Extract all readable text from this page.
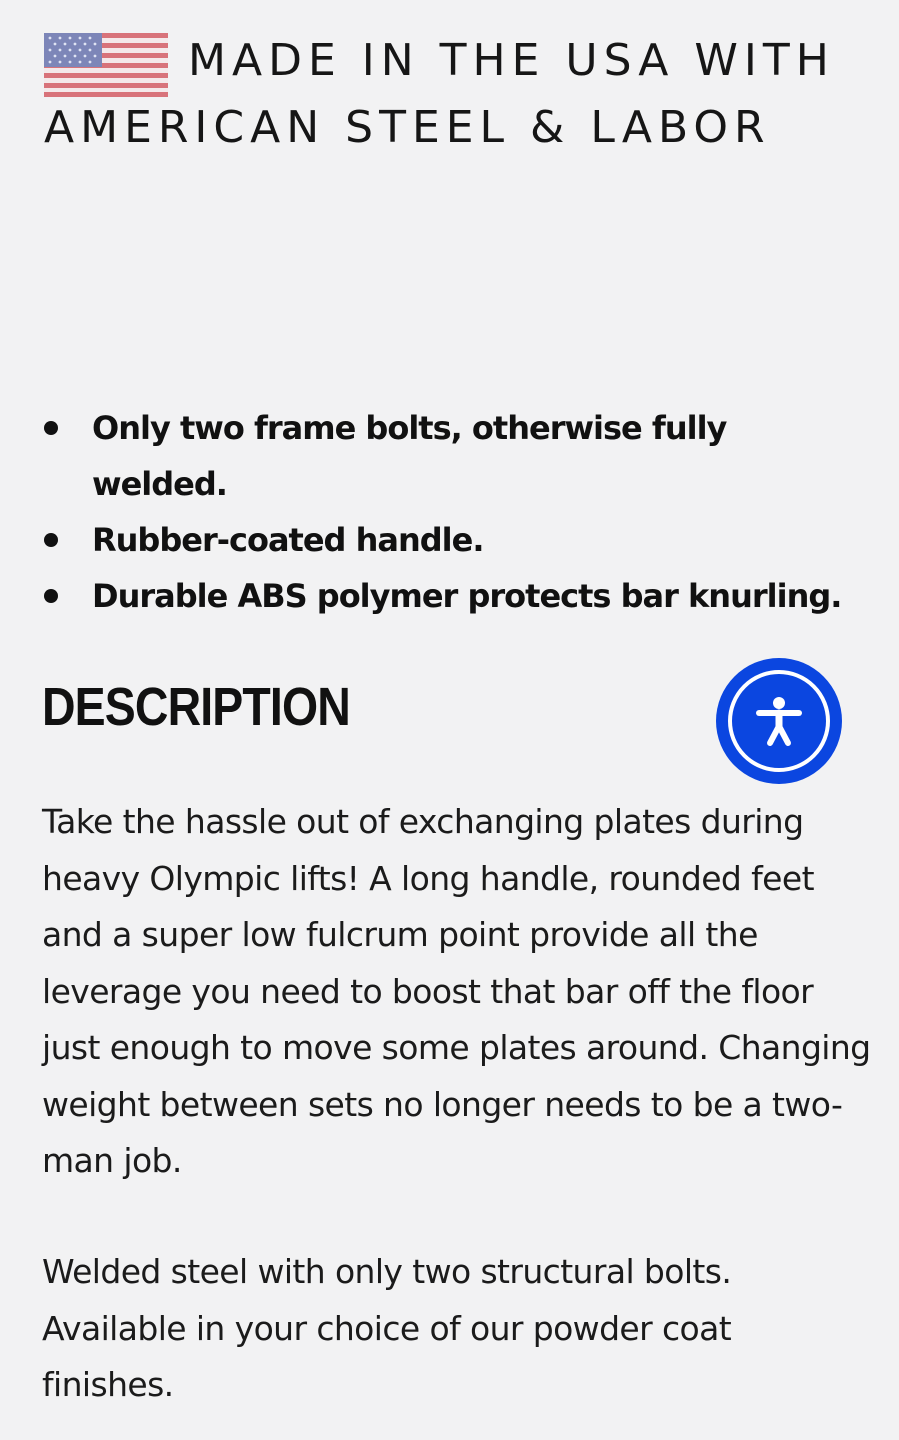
MADE IN THE USA WITH AMERICAN STEEL & LABOR
Only two frame bolts, otherwise fully welded.
Rubber-coated handle.
Durable ABS polymer protects bar knurling.
DESCRIPTION

Take the hassle out of exchanging plates during heavy Olympic lifts! A long handle, rounded feet and a super low fulcrum point provide all the leverage you need to boost that bar off the floor just enough to move some plates around. Changing weight between sets no longer needs to be a two-man job.

Welded steel with only two structural bolts. Available in your choice of our powder coat finishes.
